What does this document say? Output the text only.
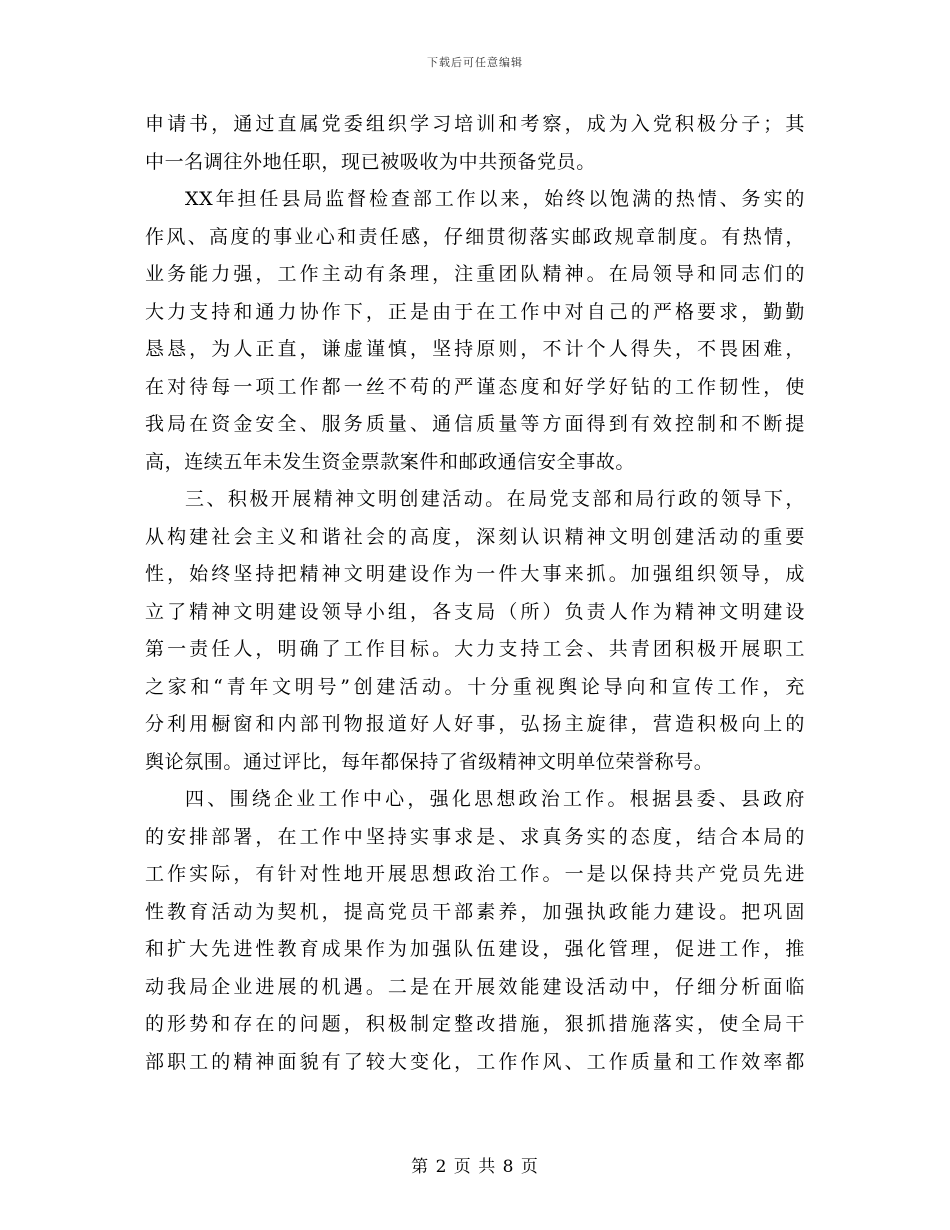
下载后可任意编辑
申请书，通过直属党委组织学习培训和考察，成为入党积极分子；其
中一名调往外地任职，现已被吸收为中共预备党员。
XX年担任县局监督检查部工作以来，始终以饱满的热情、务实的
作风、高度的事业心和责任感，仔细贯彻落实邮政规章制度。有热情，
业务能力强，工作主动有条理，注重团队精神。在局领导和同志们的
大力支持和通力协作下，正是由于在工作中对自己的严格要求，勤勤
恳恳，为人正直，谦虚谨慎，坚持原则，不计个人得失，不畏困难，
在对待每一项工作都一丝不苟的严谨态度和好学好钻的工作韧性，使
我局在资金安全、服务质量、通信质量等方面得到有效控制和不断提
高，连续五年未发生资金票款案件和邮政通信安全事故。
三、积极开展精神文明创建活动。在局党支部和局行政的领导下，
从构建社会主义和谐社会的高度，深刻认识精神文明创建活动的重要
性，始终坚持把精神文明建设作为一件大事来抓。加强组织领导，成
立了精神文明建设领导小组，各支局（所）负责人作为精神文明建设
第一责任人，明确了工作目标。大力支持工会、共青团积极开展职工
之家和“青年文明号”创建活动。十分重视舆论导向和宣传工作，充
分利用橱窗和内部刊物报道好人好事，弘扬主旋律，营造积极向上的
舆论氛围。通过评比，每年都保持了省级精神文明单位荣誉称号。
四、围绕企业工作中心，强化思想政治工作。根据县委、县政府
的安排部署，在工作中坚持实事求是、求真务实的态度，结合本局的
工作实际，有针对性地开展思想政治工作。一是以保持共产党员先进
性教育活动为契机，提高党员干部素养，加强执政能力建设。把巩固
和扩大先进性教育成果作为加强队伍建设，强化管理，促进工作，推
动我局企业进展的机遇。二是在开展效能建设活动中，仔细分析面临
的形势和存在的问题，积极制定整改措施，狠抓措施落实，使全局干
部职工的精神面貌有了较大变化，工作作风、工作质量和工作效率都
第 2 页 共 8 页
